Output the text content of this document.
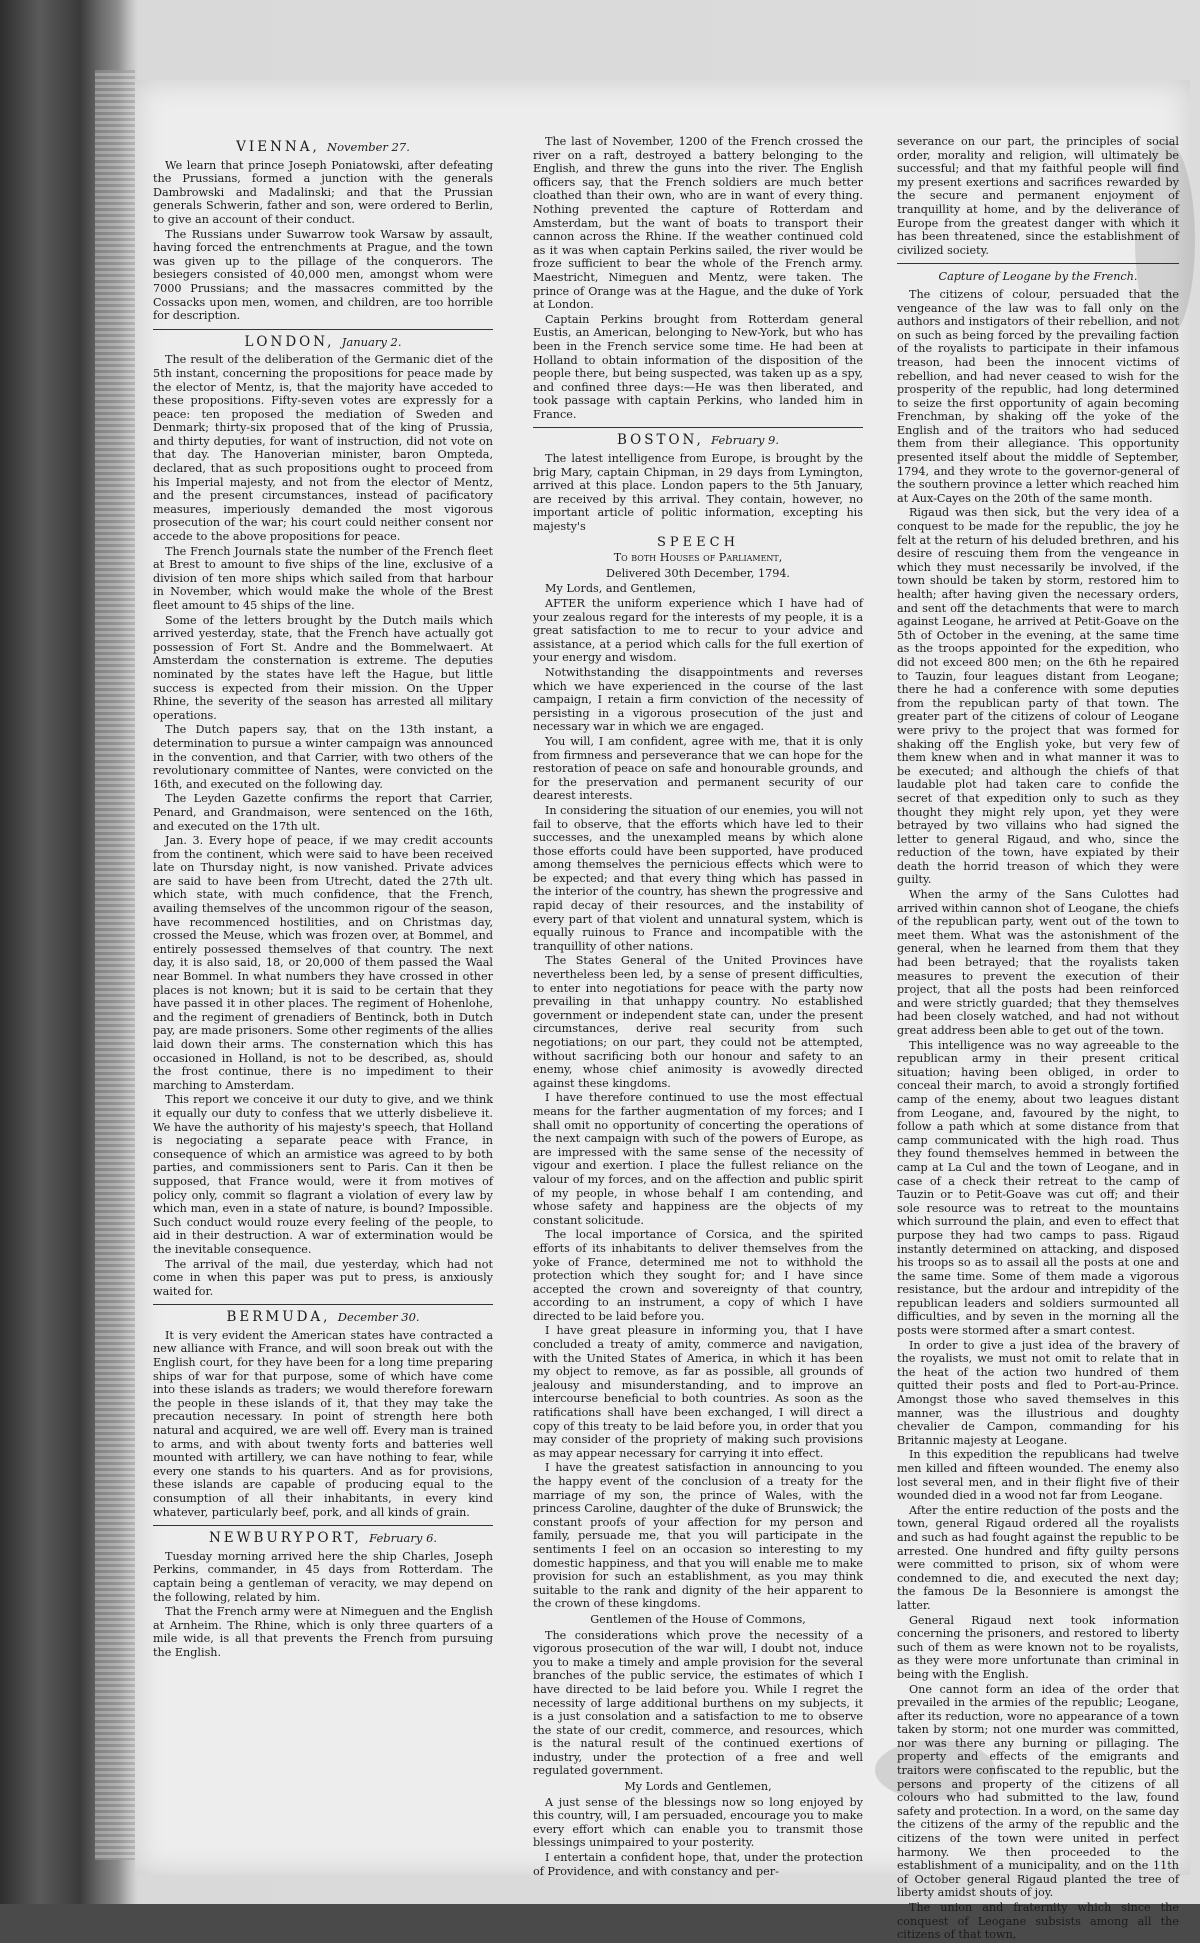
VIENNA, November 27.

We learn that prince Joseph Poniatowski, after defeating the Prussians, formed a junction with the generals Dambrowski and Madalinski; and that the Prussian generals Schwerin, father and son, were ordered to Berlin, to give an account of their conduct.

The Russians under Suwarrow took Warsaw by assault, having forced the entrenchments at Prague, and the town was given up to the pillage of the conquerors. The besiegers consisted of 40,000 men, amongst whom were 7000 Prussians; and the massacres committed by the Cossacks upon men, women, and children, are too horrible for description.

LONDON, January 2.

The result of the deliberation of the Germanic diet of the 5th instant, concerning the propositions for peace made by the elector of Mentz, is, that the majority have acceded to these propositions. Fifty-seven votes are expressly for a peace: ten proposed the mediation of Sweden and Denmark; thirty-six proposed that of the king of Prussia, and thirty deputies, for want of instruction, did not vote on that day. The Hanoverian minister, baron Ompteda, declared, that as such propositions ought to proceed from his Imperial majesty, and not from the elector of Mentz, and the present circumstances, instead of pacificatory measures, imperiously demanded the most vigorous prosecution of the war; his court could neither consent nor accede to the above propositions for peace.

The French Journals state the number of the French fleet at Brest to amount to five ships of the line, exclusive of a division of ten more ships which sailed from that harbour in November, which would make the whole of the Brest fleet amount to 45 ships of the line.

Some of the letters brought by the Dutch mails which arrived yesterday, state, that the French have actually got possession of Fort St. Andre and the Bommelwaert. At Amsterdam the consternation is extreme. The deputies nominated by the states have left the Hague, but little success is expected from their mission. On the Upper Rhine, the severity of the season has arrested all military operations.

The Dutch papers say, that on the 13th instant, a determination to pursue a winter campaign was announced in the convention, and that Carrier, with two others of the revolutionary committee of Nantes, were convicted on the 16th, and executed on the following day.

The Leyden Gazette confirms the report that Carrier, Penard, and Grandmaison, were sentenced on the 16th, and executed on the 17th ult.

Jan. 3. Every hope of peace, if we may credit accounts from the continent, which were said to have been received late on Thursday night, is now vanished. Private advices are said to have been from Utrecht, dated the 27th ult. which state, with much confidence, that the French, availing themselves of the uncommon rigour of the season, have recommenced hostilities, and on Christmas day, crossed the Meuse, which was frozen over, at Bommel, and entirely possessed themselves of that country. The next day, it is also said, 18, or 20,000 of them passed the Waal near Bommel. In what numbers they have crossed in other places is not known; but it is said to be certain that they have passed it in other places. The regiment of Hohenlohe, and the regiment of grenadiers of Bentinck, both in Dutch pay, are made prisoners. Some other regiments of the allies laid down their arms. The consternation which this has occasioned in Holland, is not to be described, as, should the frost continue, there is no impediment to their marching to Amsterdam.

This report we conceive it our duty to give, and we think it equally our duty to confess that we utterly disbelieve it. We have the authority of his majesty's speech, that Holland is negociating a separate peace with France, in consequence of which an armistice was agreed to by both parties, and commissioners sent to Paris. Can it then be supposed, that France would, were it from motives of policy only, commit so flagrant a violation of every law by which man, even in a state of nature, is bound? Impossible. Such conduct would rouze every feeling of the people, to aid in their destruction. A war of extermination would be the inevitable consequence.

The arrival of the mail, due yesterday, which had not come in when this paper was put to press, is anxiously waited for.

BERMUDA, December 30.

It is very evident the American states have contracted a new alliance with France, and will soon break out with the English court, for they have been for a long time preparing ships of war for that purpose, some of which have come into these islands as traders; we would therefore forewarn the people in these islands of it, that they may take the precaution necessary. In point of strength here both natural and acquired, we are well off. Every man is trained to arms, and with about twenty forts and batteries well mounted with artillery, we can have nothing to fear, while every one stands to his quarters. And as for provisions, these islands are capable of producing equal to the consumption of all their inhabitants, in every kind whatever, particularly beef, pork, and all kinds of grain.

NEWBURYPORT, February 6.

Tuesday morning arrived here the ship Charles, Joseph Perkins, commander, in 45 days from Rotterdam. The captain being a gentleman of veracity, we may depend on the following, related by him.

That the French army were at Nimeguen and the English at Arnheim. The Rhine, which is only three quarters of a mile wide, is all that prevents the French from pursuing the English.

The last of November, 1200 of the French crossed the river on a raft, destroyed a battery belonging to the English, and threw the guns into the river. The English officers say, that the French soldiers are much better cloathed than their own, who are in want of every thing. Nothing prevented the capture of Rotterdam and Amsterdam, but the want of boats to transport their cannon across the Rhine. If the weather continued cold as it was when captain Perkins sailed, the river would be froze sufficient to bear the whole of the French army. Maestricht, Nimeguen and Mentz, were taken. The prince of Orange was at the Hague, and the duke of York at London.

Captain Perkins brought from Rotterdam general Eustis, an American, belonging to New-York, but who has been in the French service some time. He had been at Holland to obtain information of the disposition of the people there, but being suspected, was taken up as a spy, and confined three days:—He was then liberated, and took passage with captain Perkins, who landed him in France.

BOSTON, February 9.

The latest intelligence from Europe, is brought by the brig Mary, captain Chipman, in 29 days from Lymington, arrived at this place. London papers to the 5th January, are received by this arrival. They contain, however, no important article of politic information, excepting his majesty's

SPEECH
To both Houses of Parliament,
Delivered 30th December, 1794.

My Lords, and Gentlemen,

AFTER the uniform experience which I have had of your zealous regard for the interests of my people, it is a great satisfaction to me to recur to your advice and assistance, at a period which calls for the full exertion of your energy and wisdom.

Notwithstanding the disappointments and reverses which we have experienced in the course of the last campaign, I retain a firm conviction of the necessity of persisting in a vigorous prosecution of the just and necessary war in which we are engaged.

You will, I am confident, agree with me, that it is only from firmness and perseverance that we can hope for the restoration of peace on safe and honourable grounds, and for the preservation and permanent security of our dearest interests.

In considering the situation of our enemies, you will not fail to observe, that the efforts which have led to their successes, and the unexampled means by which alone those efforts could have been supported, have produced among themselves the pernicious effects which were to be expected; and that every thing which has passed in the interior of the country, has shewn the progressive and rapid decay of their resources, and the instability of every part of that violent and unnatural system, which is equally ruinous to France and incompatible with the tranquillity of other nations.

The States General of the United Provinces have nevertheless been led, by a sense of present difficulties, to enter into negotiations for peace with the party now prevailing in that unhappy country. No established government or independent state can, under the present circumstances, derive real security from such negotiations; on our part, they could not be attempted, without sacrificing both our honour and safety to an enemy, whose chief animosity is avowedly directed against these kingdoms.

I have therefore continued to use the most effectual means for the farther augmentation of my forces; and I shall omit no opportunity of concerting the operations of the next campaign with such of the powers of Europe, as are impressed with the same sense of the necessity of vigour and exertion. I place the fullest reliance on the valour of my forces, and on the affection and public spirit of my people, in whose behalf I am contending, and whose safety and happiness are the objects of my constant solicitude.

The local importance of Corsica, and the spirited efforts of its inhabitants to deliver themselves from the yoke of France, determined me not to withhold the protection which they sought for; and I have since accepted the crown and sovereignty of that country, according to an instrument, a copy of which I have directed to be laid before you.

I have great pleasure in informing you, that I have concluded a treaty of amity, commerce and navigation, with the United States of America, in which it has been my object to remove, as far as possible, all grounds of jealousy and misunderstanding, and to improve an intercourse beneficial to both countries. As soon as the ratifications shall have been exchanged, I will direct a copy of this treaty to be laid before you, in order that you may consider of the propriety of making such provisions as may appear necessary for carrying it into effect.

I have the greatest satisfaction in announcing to you the happy event of the conclusion of a treaty for the marriage of my son, the prince of Wales, with the princess Caroline, daughter of the duke of Brunswick; the constant proofs of your affection for my person and family, persuade me, that you will participate in the sentiments I feel on an occasion so interesting to my domestic happiness, and that you will enable me to make provision for such an establishment, as you may think suitable to the rank and dignity of the heir apparent to the crown of these kingdoms.

Gentlemen of the House of Commons,

The considerations which prove the necessity of a vigorous prosecution of the war will, I doubt not, induce you to make a timely and ample provision for the several branches of the public service, the estimates of which I have directed to be laid before you. While I regret the necessity of large additional burthens on my subjects, it is a just consolation and a satisfaction to me to observe the state of our credit, commerce, and resources, which is the natural result of the continued exertions of industry, under the protection of a free and well regulated government.

My Lords and Gentlemen,

A just sense of the blessings now so long enjoyed by this country, will, I am persuaded, encourage you to make every effort which can enable you to transmit those blessings unimpaired to your posterity.

I entertain a confident hope, that, under the protection of Providence, and with constancy and per-

severance on our part, the principles of social order, morality and religion, will ultimately be successful; and that my faithful people will find my present exertions and sacrifices rewarded by the secure and permanent enjoyment of tranquillity at home, and by the deliverance of Europe from the greatest danger with which it has been threatened, since the establishment of civilized society.

Capture of Leogane by the French.

The citizens of colour, persuaded that the vengeance of the law was to fall only on the authors and instigators of their rebellion, and not on such as being forced by the prevailing faction of the royalists to participate in their infamous treason, had been the innocent victims of rebellion, and had never ceased to wish for the prosperity of the republic, had long determined to seize the first opportunity of again becoming Frenchman, by shaking off the yoke of the English and of the traitors who had seduced them from their allegiance. This opportunity presented itself about the middle of September, 1794, and they wrote to the governor-general of the southern province a letter which reached him at Aux-Cayes on the 20th of the same month.

Rigaud was then sick, but the very idea of a conquest to be made for the republic, the joy he felt at the return of his deluded brethren, and his desire of rescuing them from the vengeance in which they must necessarily be involved, if the town should be taken by storm, restored him to health; after having given the necessary orders, and sent off the detachments that were to march against Leogane, he arrived at Petit-Goave on the 5th of October in the evening, at the same time as the troops appointed for the expedition, who did not exceed 800 men; on the 6th he repaired to Tauzin, four leagues distant from Leogane; there he had a conference with some deputies from the republican party of that town. The greater part of the citizens of colour of Leogane were privy to the project that was formed for shaking off the English yoke, but very few of them knew when and in what manner it was to be executed; and although the chiefs of that laudable plot had taken care to confide the secret of that expedition only to such as they thought they might rely upon, yet they were betrayed by two villains who had signed the letter to general Rigaud, and who, since the reduction of the town, have expiated by their death the horrid treason of which they were guilty.

When the army of the Sans Culottes had arrived within cannon shot of Leogane, the chiefs of the republican party, went out of the town to meet them. What was the astonishment of the general, when he learned from them that they had been betrayed; that the royalists taken measures to prevent the execution of their project, that all the posts had been reinforced and were strictly guarded; that they themselves had been closely watched, and had not without great address been able to get out of the town.

This intelligence was no way agreeable to the republican army in their present critical situation; having been obliged, in order to conceal their march, to avoid a strongly fortified camp of the enemy, about two leagues distant from Leogane, and, favoured by the night, to follow a path which at some distance from that camp communicated with the high road. Thus they found themselves hemmed in between the camp at La Cul and the town of Leogane, and in case of a check their retreat to the camp of Tauzin or to Petit-Goave was cut off; and their sole resource was to retreat to the mountains which surround the plain, and even to effect that purpose they had two camps to pass. Rigaud instantly determined on attacking, and disposed his troops so as to assail all the posts at one and the same time. Some of them made a vigorous resistance, but the ardour and intrepidity of the republican leaders and soldiers surmounted all difficulties, and by seven in the morning all the posts were stormed after a smart contest.

In order to give a just idea of the bravery of the royalists, we must not omit to relate that in the heat of the action two hundred of them quitted their posts and fled to Port-au-Prince. Amongst those who saved themselves in this manner, was the illustrious and doughty chevalier de Campon, commanding for his Britannic majesty at Leogane.

In this expedition the republicans had twelve men killed and fifteen wounded. The enemy also lost several men, and in their flight five of their wounded died in a wood not far from Leogane.

After the entire reduction of the posts and the town, general Rigaud ordered all the royalists and such as had fought against the republic to be arrested. One hundred and fifty guilty persons were committed to prison, six of whom were condemned to die, and executed the next day; the famous De la Besonniere is amongst the latter.

General Rigaud next took information concerning the prisoners, and restored to liberty such of them as were known not to be royalists, as they were more unfortunate than criminal in being with the English.

One cannot form an idea of the order that prevailed in the armies of the republic; Leogane, after its reduction, wore no appearance of a town taken by storm; not one murder was committed, nor was there any burning or pillaging. The property and effects of the emigrants and traitors were confiscated to the republic, but the persons and property of the citizens of all colours who had submitted to the law, found safety and protection. In a word, on the same day the citizens of the army of the republic and the citizens of the town were united in perfect harmony. We then proceeded to the establishment of a municipality, and on the 11th of October general Rigaud planted the tree of liberty amidst shouts of joy.

The union and fraternity which since the conquest of Leogane subsists among all the citizens of that town,
